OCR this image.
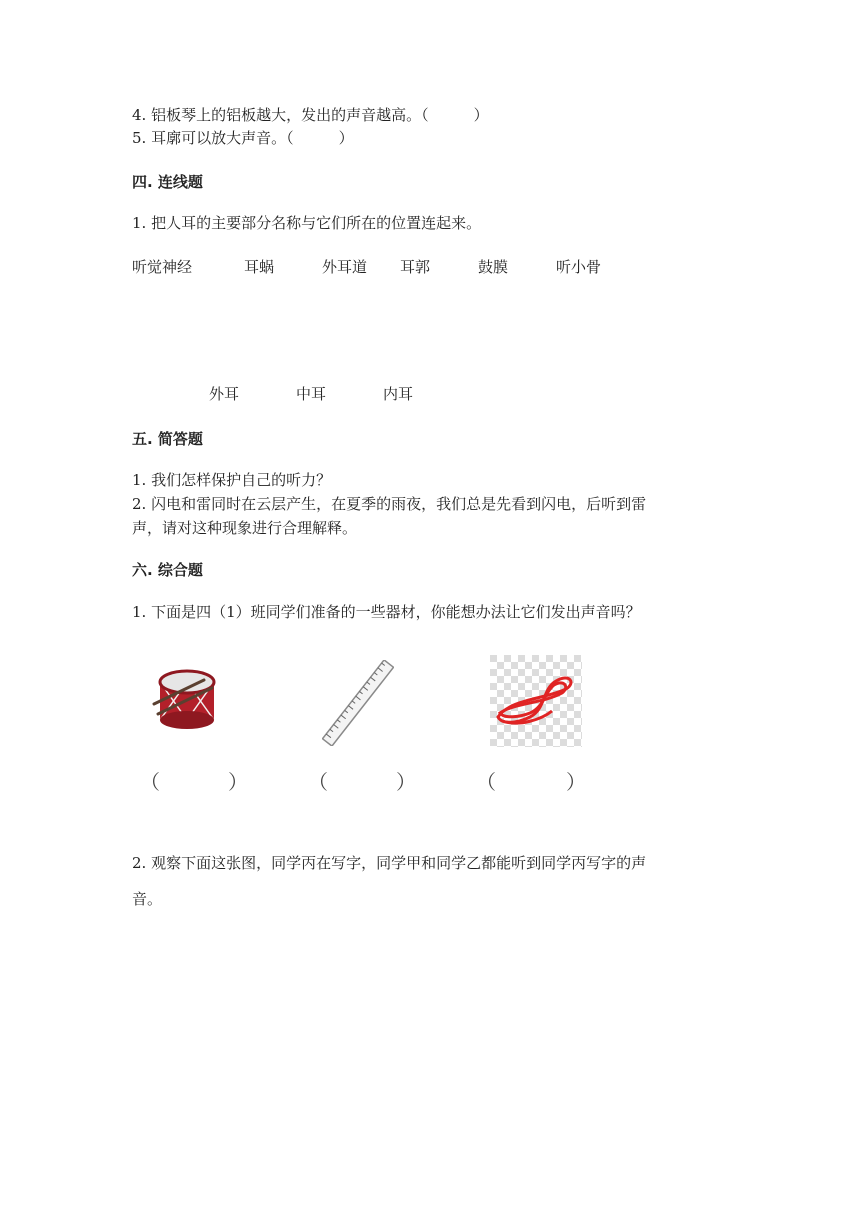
4. 铝板琴上的铝板越大，发出的声音越高。（　　　）
5. 耳廓可以放大声音。（　　　）
四. 连线题
1. 把人耳的主要部分名称与它们所在的位置连起来。
听觉神经	耳蜗	外耳道 耳郭	鼓膜	听小骨
外耳	中耳	内耳
五. 简答题
1. 我们怎样保护自己的听力？
2. 闪电和雷同时在云层产生，在夏季的雨夜，我们总是先看到闪电，后听到雷
声，请对这种现象进行合理解释。
六. 综合题
1. 下面是四（1）班同学们准备的一些器材，你能想办法让它们发出声音吗？
（	）	（	）	（	）
2. 观察下面这张图，同学丙在写字，同学甲和同学乙都能听到同学丙写字的声
音。
